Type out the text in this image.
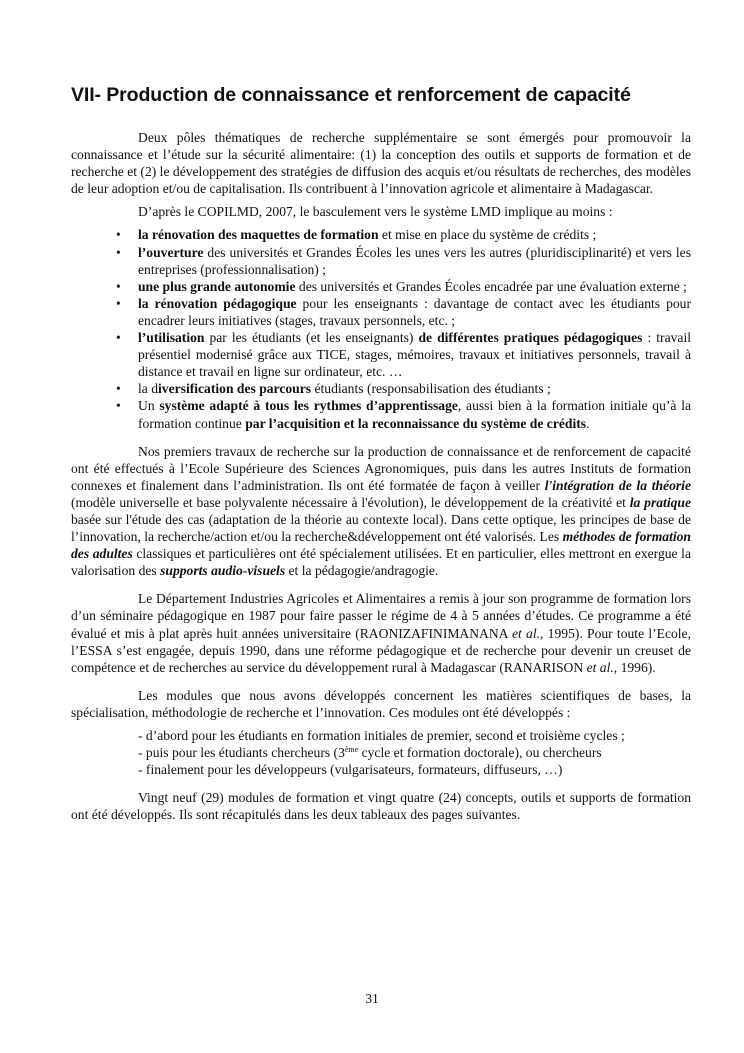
VII- Production de connaissance et renforcement de capacité

Deux pôles thématiques de recherche supplémentaire se sont émergés pour promouvoir la connaissance et l’étude sur la sécurité alimentaire: (1) la conception des outils et supports de formation et de recherche et (2) le développement des stratégies de diffusion des acquis et/ou résultats de recherches, des modèles de leur adoption et/ou de capitalisation. Ils contribuent à l’innovation agricole et alimentaire à Madagascar.

D’après le COPILMD, 2007, le basculement vers le système LMD implique au moins :

• la rénovation des maquettes de formation et mise en place du système de crédits ;
• l’ouverture des universités et Grandes Écoles les unes vers les autres (pluridisciplinarité) et vers les entreprises (professionnalisation) ;
• une plus grande autonomie des universités et Grandes Écoles encadrée par une évaluation externe ;
• la rénovation pédagogique pour les enseignants : davantage de contact avec les étudiants pour encadrer leurs initiatives (stages, travaux personnels, etc. ;
• l’utilisation par les étudiants (et les enseignants) de différentes pratiques pédagogiques : travail présentiel modernisé grâce aux TICE, stages, mémoires, travaux et initiatives personnels, travail à distance et travail en ligne sur ordinateur, etc. …
• la diversification des parcours étudiants (responsabilisation des étudiants ;
• Un système adapté à tous les rythmes d’apprentissage, aussi bien à la formation initiale qu’à la formation continue par l’acquisition et la reconnaissance du système de crédits.

Nos premiers travaux de recherche sur la production de connaissance et de renforcement de capacité ont été effectués à l’Ecole Supérieure des Sciences Agronomiques, puis dans les autres Instituts de formation connexes et finalement dans l’administration. Ils ont été formatée de façon à veiller l'intégration de la théorie (modèle universelle et base polyvalente nécessaire à l'évolution), le développement de la créativité et la pratique basée sur l'étude des cas (adaptation de la théorie au contexte local). Dans cette optique, les principes de base de l’innovation, la recherche/action et/ou la recherche&développement ont été valorisés. Les méthodes de formation des adultes classiques et particulières ont été spécialement utilisées. Et en particulier, elles mettront en exergue la valorisation des supports audio-visuels et la pédagogie/andragogie.

Le Département Industries Agricoles et Alimentaires a remis à jour son programme de formation lors d’un séminaire pédagogique en 1987 pour faire passer le régime de 4 à 5 années d’études. Ce programme a été évalué et mis à plat après huit années universitaire (RAONIZAFINIMANANA et al., 1995). Pour toute l’Ecole, l’ESSA s’est engagée, depuis 1990, dans une réforme pédagogique et de recherche pour devenir un creuset de compétence et de recherches au service du développement rural à Madagascar (RANARISON et al., 1996).

Les modules que nous avons développés concernent les matières scientifiques de bases, la spécialisation, méthodologie de recherche et l’innovation. Ces modules ont été développés :

- d’abord pour les étudiants en formation initiales de premier, second et troisième cycles ;
- puis pour les étudiants chercheurs (3ème cycle et formation doctorale), ou chercheurs
- finalement pour les développeurs (vulgarisateurs, formateurs, diffuseurs, …)

Vingt neuf (29) modules de formation et vingt quatre (24) concepts, outils et supports de formation ont été développés. Ils sont récapitulés dans les deux tableaux des pages suivantes.

31
